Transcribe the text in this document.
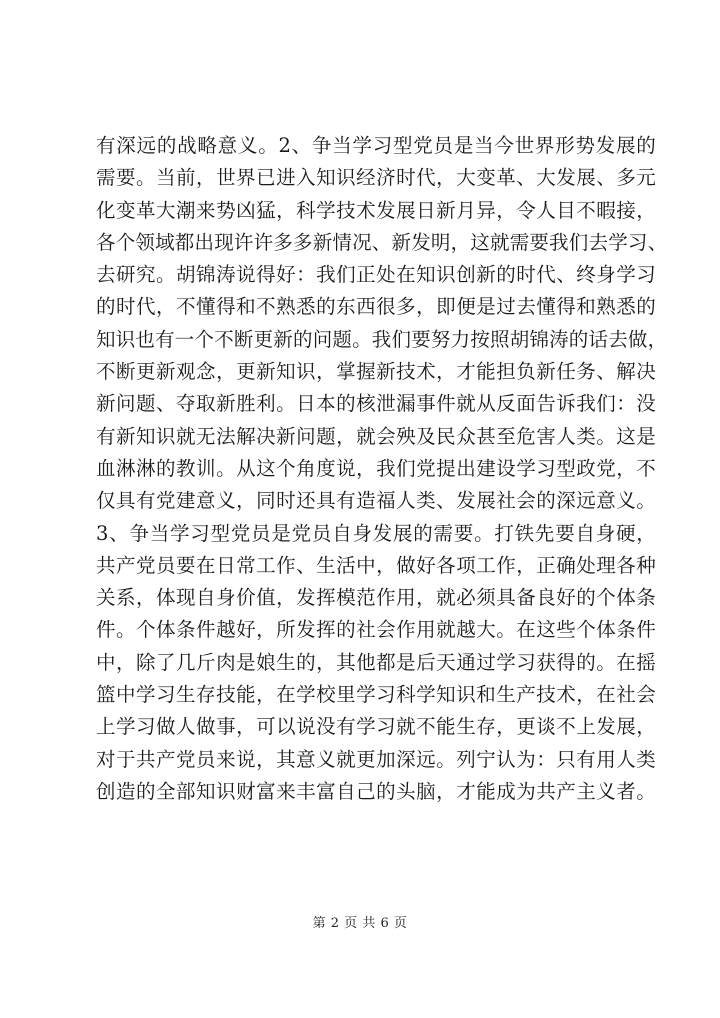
有深远的战略意义。2、争当学习型党员是当今世界形势发展的
需要。当前，世界已进入知识经济时代，大变革、大发展、多元
化变革大潮来势凶猛，科学技术发展日新月异，令人目不暇接，
各个领域都出现许许多多新情况、新发明，这就需要我们去学习、
去研究。胡锦涛说得好：我们正处在知识创新的时代、终身学习
的时代，不懂得和不熟悉的东西很多，即便是过去懂得和熟悉的
知识也有一个不断更新的问题。我们要努力按照胡锦涛的话去做，
不断更新观念，更新知识，掌握新技术，才能担负新任务、解决
新问题、夺取新胜利。日本的核泄漏事件就从反面告诉我们：没
有新知识就无法解决新问题，就会殃及民众甚至危害人类。这是
血淋淋的教训。从这个角度说，我们党提出建设学习型政党，不
仅具有党建意义，同时还具有造福人类、发展社会的深远意义。
3、争当学习型党员是党员自身发展的需要。打铁先要自身硬，
共产党员要在日常工作、生活中，做好各项工作，正确处理各种
关系，体现自身价值，发挥模范作用，就必须具备良好的个体条
件。个体条件越好，所发挥的社会作用就越大。在这些个体条件
中，除了几斤肉是娘生的，其他都是后天通过学习获得的。在摇
篮中学习生存技能，在学校里学习科学知识和生产技术，在社会
上学习做人做事，可以说没有学习就不能生存，更谈不上发展，
对于共产党员来说，其意义就更加深远。列宁认为：只有用人类
创造的全部知识财富来丰富自己的头脑，才能成为共产主义者。
第 2 页 共 6 页
